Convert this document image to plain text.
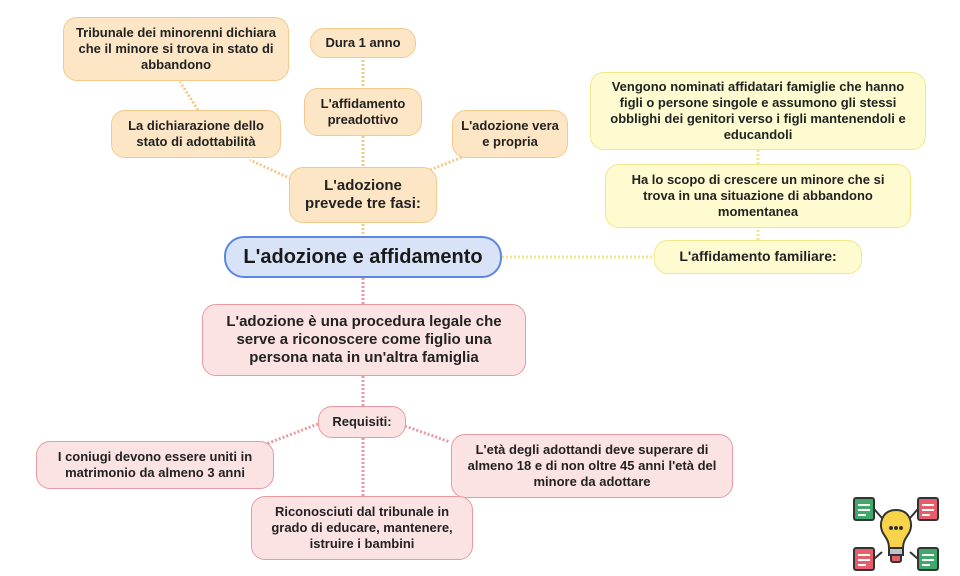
L'adozione e affidamento
L'adozione prevede tre fasi:
La dichiarazione dello stato di adottabilità
Tribunale dei minorenni dichiara che il minore si trova in stato di abbandono
L'affidamento preadottivo
Dura 1 anno
L'adozione vera e propria
L'affidamento familiare:
Ha lo scopo di crescere un minore che si trova in una situazione di abbandono momentanea
Vengono nominati affidatari famiglie che hanno figli o persone singole e assumono gli stessi obblighi dei genitori verso i figli mantenendoli e educandoli
L'adozione è una procedura legale che serve a riconoscere come figlio una persona nata in un'altra famiglia
Requisiti:
I coniugi devono essere uniti in matrimonio da almeno 3 anni
L'età degli adottandi deve superare di almeno 18 e di non oltre 45 anni l'età del minore da adottare
Riconosciuti dal tribunale in grado di educare, mantenere, istruire i bambini
